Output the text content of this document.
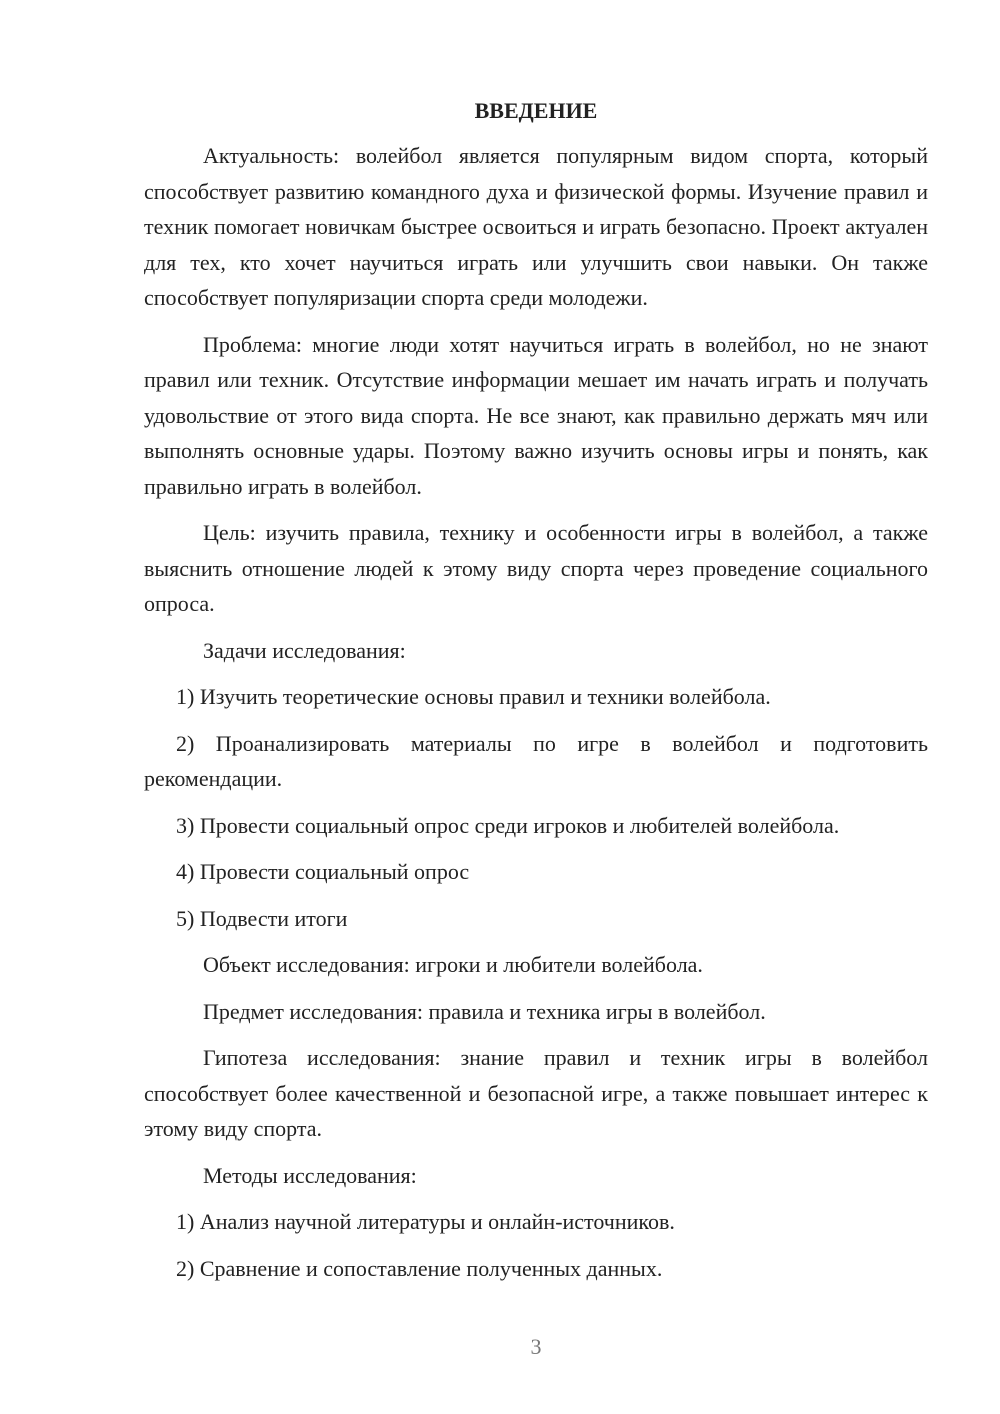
ВВЕДЕНИЕ

Актуальность: волейбол является популярным видом спорта, который способствует развитию командного духа и физической формы. Изучение правил и техник помогает новичкам быстрее освоиться и играть безопасно. Проект актуален для тех, кто хочет научиться играть или улучшить свои навыки. Он также способствует популяризации спорта среди молодежи.

Проблема: многие люди хотят научиться играть в волейбол, но не знают правил или техник. Отсутствие информации мешает им начать играть и получать удовольствие от этого вида спорта. Не все знают, как правильно держать мяч или выполнять основные удары. Поэтому важно изучить основы игры и понять, как правильно играть в волейбол.

Цель: изучить правила, технику и особенности игры в волейбол, а также выяснить отношение людей к этому виду спорта через проведение социального опроса.

Задачи исследования:

1) Изучить теоретические основы правил и техники волейбола.

2) Проанализировать материалы по игре в волейбол и подготовить рекомендации.

3) Провести социальный опрос среди игроков и любителей волейбола.

4) Провести социальный опрос

5) Подвести итоги

Объект исследования: игроки и любители волейбола.

Предмет исследования: правила и техника игры в волейбол.

Гипотеза исследования: знание правил и техник игры в волейбол способствует более качественной и безопасной игре, а также повышает интерес к этому виду спорта.

Методы исследования:

1) Анализ научной литературы и онлайн-источников.

2) Сравнение и сопоставление полученных данных.

3
